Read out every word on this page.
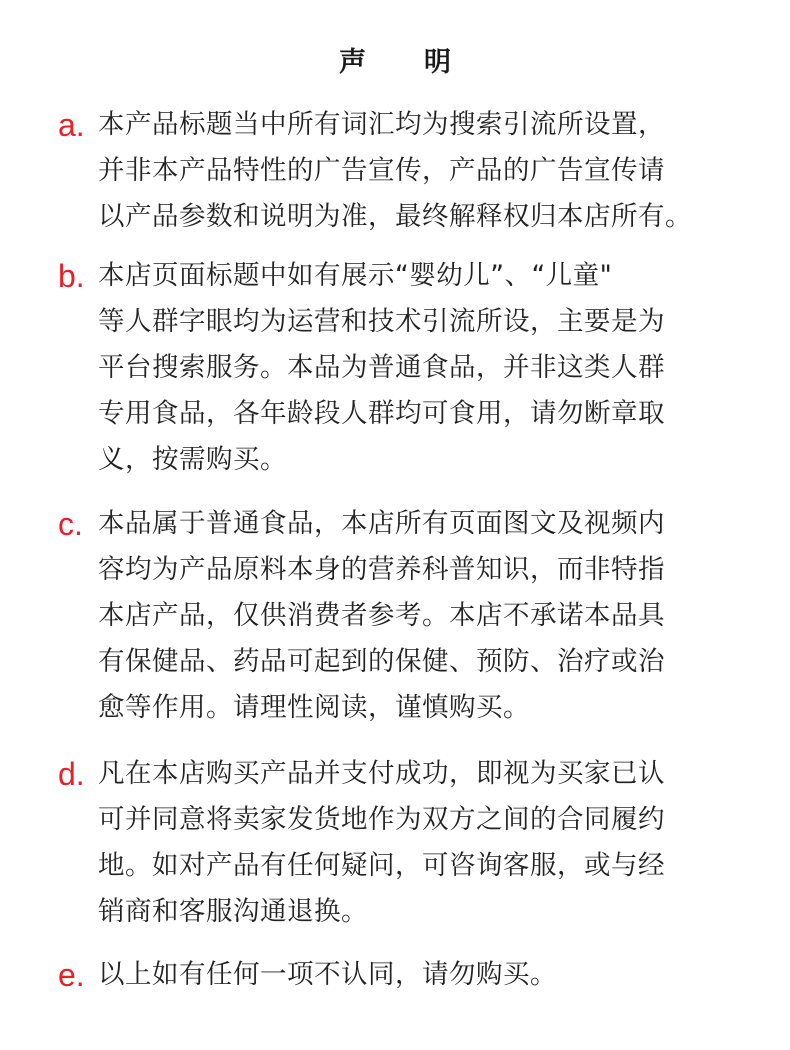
声 明
a. 本产品标题当中所有词汇均为搜索引流所设置，
并非本产品特性的广告宣传，产品的广告宣传请
以产品参数和说明为准，最终解释权归本店所有。
b. 本店页面标题中如有展示“婴幼儿”、“儿童"
等人群字眼均为运营和技术引流所设，主要是为
平台搜索服务。本品为普通食品，并非这类人群
专用食品，各年龄段人群均可食用，请勿断章取
义，按需购买。
c. 本品属于普通食品，本店所有页面图文及视频内
容均为产品原料本身的营养科普知识，而非特指
本店产品，仅供消费者参考。本店不承诺本品具
有保健品、药品可起到的保健、预防、治疗或治
愈等作用。请理性阅读，谨慎购买。
d. 凡在本店购买产品并支付成功，即视为买家已认
可并同意将卖家发货地作为双方之间的合同履约
地。如对产品有任何疑问，可咨询客服，或与经
销商和客服沟通退换。
e. 以上如有任何一项不认同，请勿购买。
